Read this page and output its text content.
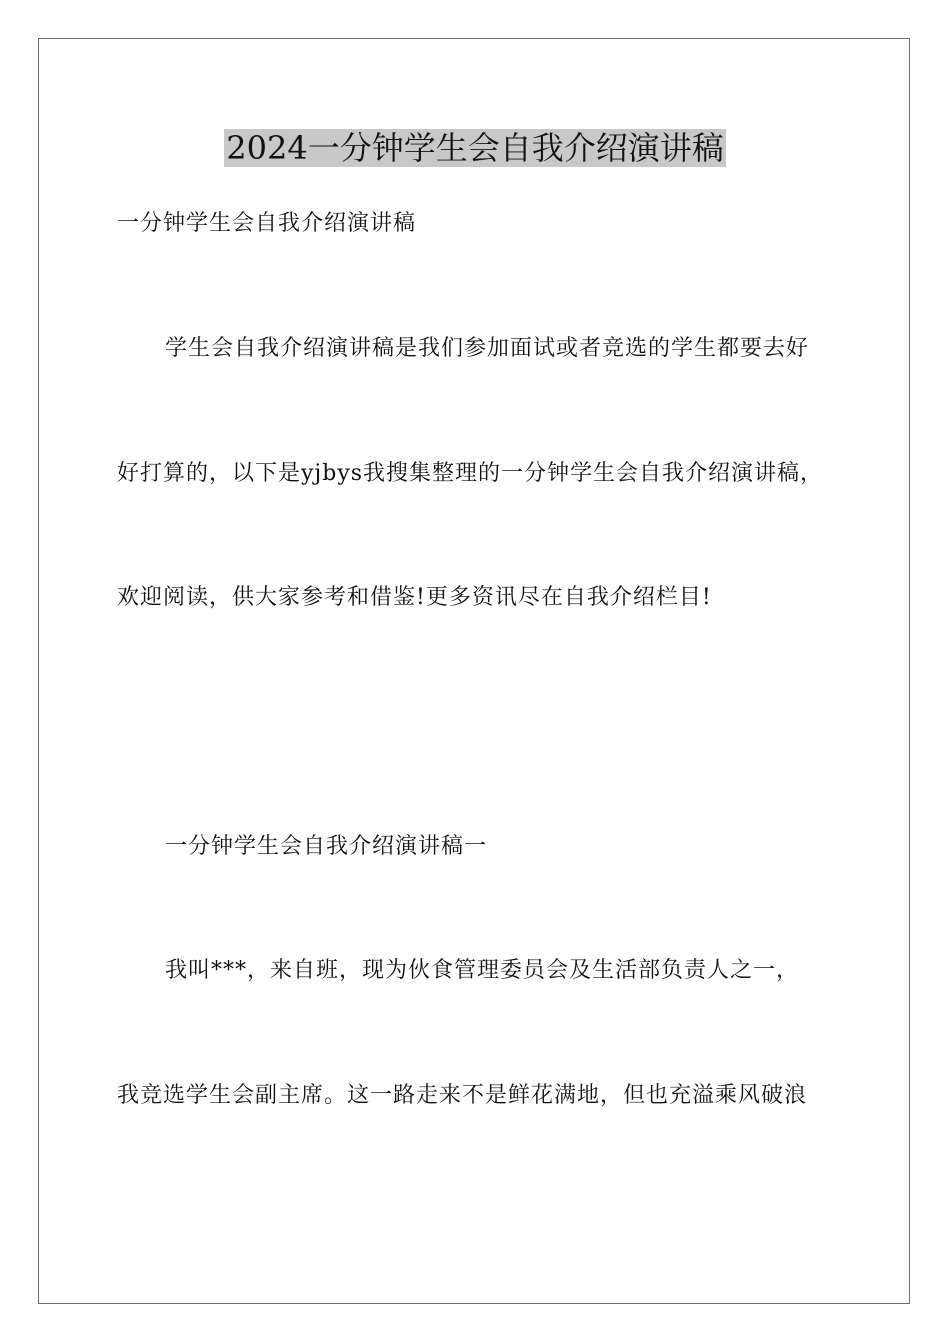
2024一分钟学生会自我介绍演讲稿

一分钟学生会自我介绍演讲稿

学生会自我介绍演讲稿是我们参加面试或者竞选的学生都要去好

好打算的，以下是yjbys我搜集整理的一分钟学生会自我介绍演讲稿，

欢迎阅读，供大家参考和借鉴!更多资讯尽在自我介绍栏目!

一分钟学生会自我介绍演讲稿一

我叫***，来自班，现为伙食管理委员会及生活部负责人之一，

我竞选学生会副主席。这一路走来不是鲜花满地，但也充溢乘风破浪
